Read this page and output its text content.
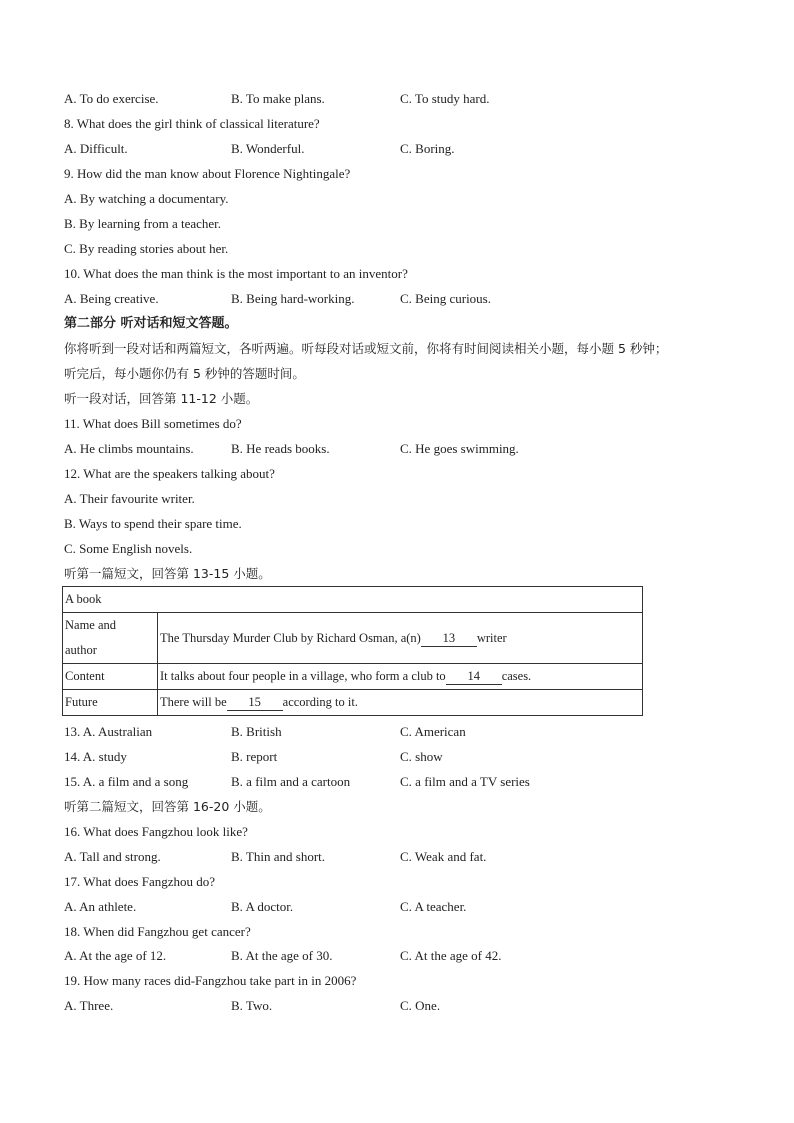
A. To do exercise.	B. To make plans.	C. To study hard.
8. What does the girl think of classical literature?
A. Difficult.	B. Wonderful.	C. Boring.
9. How did the man know about Florence Nightingale?
A. By watching a documentary.
B. By learning from a teacher.
C. By reading stories about her.
10. What does the man think is the most important to an inventor?
A. Being creative.	B. Being hard-working.	C. Being curious.
第二部分 听对话和短文答题。
你将听到一段对话和两篇短文，各听两遍。听每段对话或短文前，你将有时间阅读相关小题，每小题 5 秒钟；
听完后，每小题你仍有 5 秒钟的答题时间。
听一段对话，回答第 11-12 小题。
11. What does Bill sometimes do?
A. He climbs mountains.	B. He reads books.	C. He goes swimming.
12. What are the speakers talking about?
A. Their favourite writer.
B. Ways to spend their spare time.
C. Some English novels.
听第一篇短文，回答第 13-15 小题。
A book	
Name and
author	The Thursday Murder Club by Richard Osman, a(n) 13 writer
Content	It talks about four people in a village, who form a club to 14 cases.
Future	There will be 15 according to it.
13. A. Australian	B. British	C. American
14. A. study	B. report	C. show
15. A. a film and a song	B. a film and a cartoon	C. a film and a TV series
听第二篇短文，回答第 16-20 小题。
16. What does Fangzhou look like?
A. Tall and strong.	B. Thin and short.	C. Weak and fat.
17. What does Fangzhou do?
A. An athlete.	B. A doctor.	C. A teacher.
18. When did Fangzhou get cancer?
A. At the age of 12.	B. At the age of 30.	C. At the age of 42.
19. How many races did-Fangzhou take part in in 2006?
A. Three.	B. Two.	C. One.
